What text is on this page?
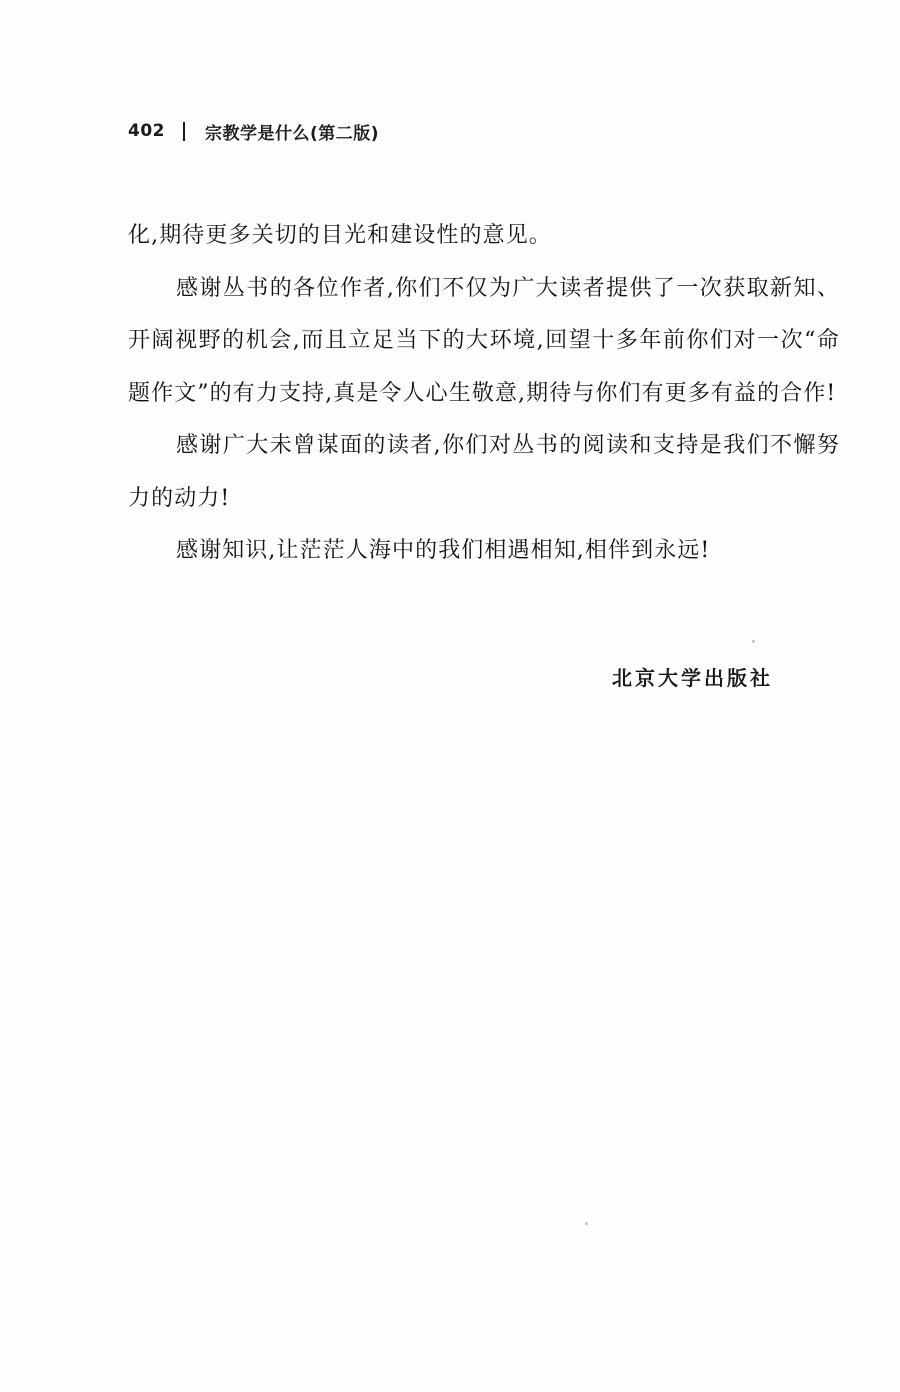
402 宗教学是什么(第二版)

化,期待更多关切的目光和建设性的意见。

感谢丛书的各位作者,你们不仅为广大读者提供了一次获取新知、开阔视野的机会,而且立足当下的大环境,回望十多年前你们对一次“命题作文”的有力支持,真是令人心生敬意,期待与你们有更多有益的合作!

感谢广大未曾谋面的读者,你们对丛书的阅读和支持是我们不懈努力的动力!

感谢知识,让茫茫人海中的我们相遇相知,相伴到永远!

北京大学出版社
